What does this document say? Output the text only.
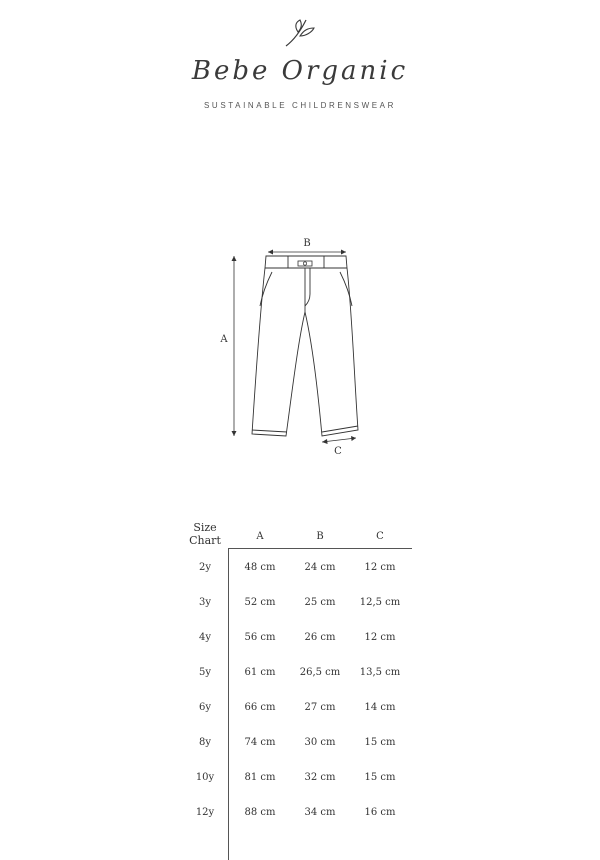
Bebe Organic
SUSTAINABLE CHILDRENSWEAR
B
A
C
Size
Chart	A	B	C
2y	48 cm	24 cm	12 cm
3y	52 cm	25 cm	12,5 cm
4y	56 cm	26 cm	12 cm
5y	61 cm	26,5 cm	13,5 cm
6y	66 cm	27 cm	14 cm
8y	74 cm	30 cm	15 cm
10y	81 cm	32 cm	15 cm
12y	88 cm	34 cm	16 cm
